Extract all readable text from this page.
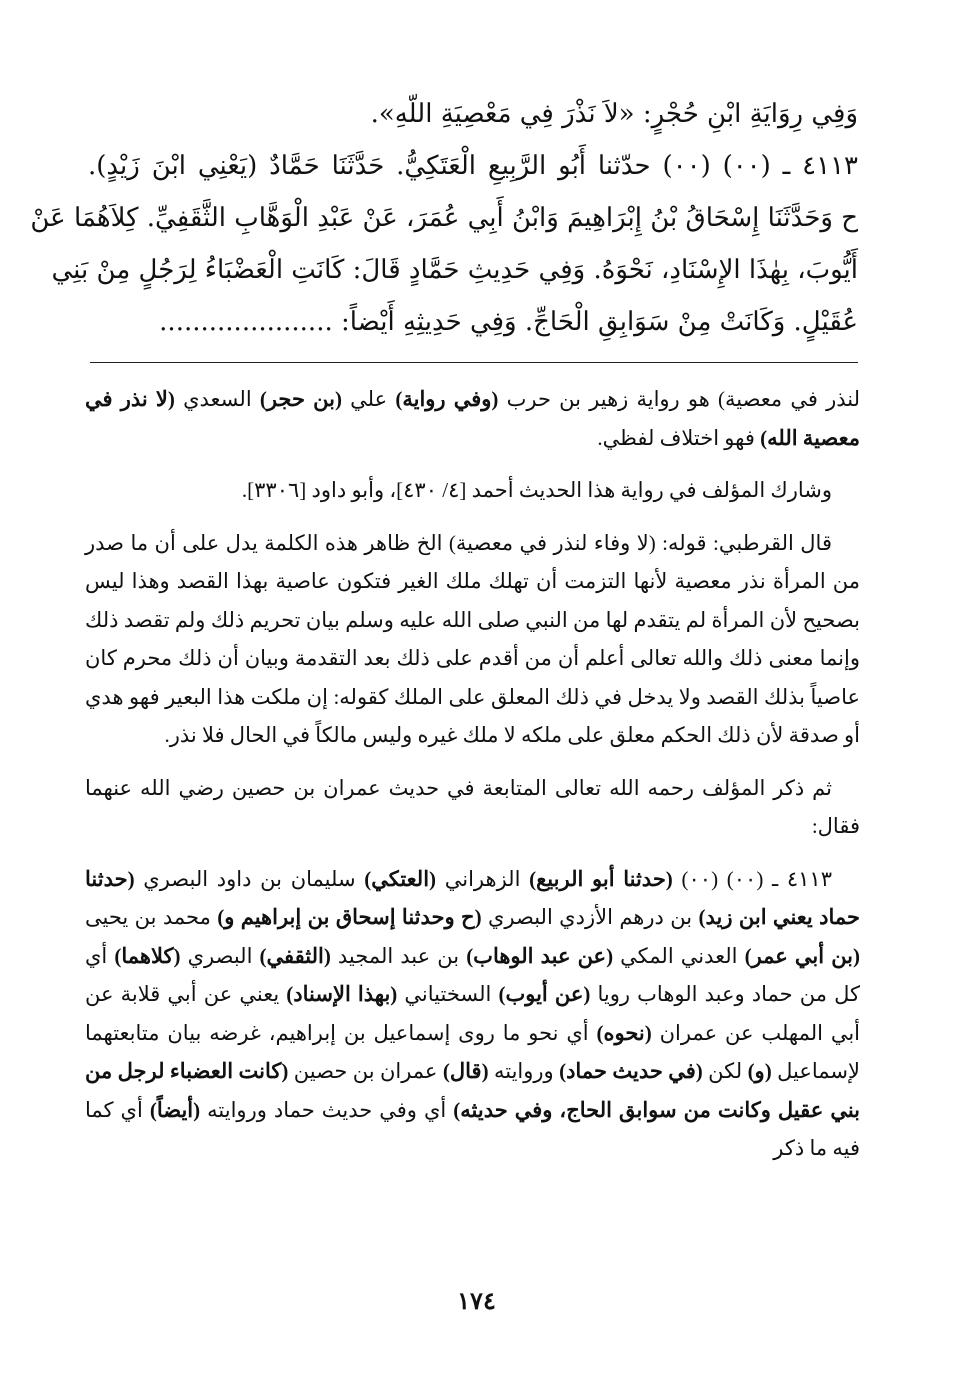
وَفِي رِوَايَةِ ابْنِ حُجْرٍ: «لاَ نَذْرَ فِي مَعْصِيَةِ اللّهِ».
٤١١٣ ـ (٠٠) (٠٠) حدّثنا أَبُو الرَّبِيعِ الْعَتَكِيُّ. حَدَّثَنَا حَمَّادٌ (يَعْنِي ابْنَ زَيْدٍ).
ح وَحَدَّثَنَا إِسْحَاقُ بْنُ إِبْرَاهِيمَ وَابْنُ أَبِي عُمَرَ، عَنْ عَبْدِ الْوَهَّابِ الثَّقَفِيِّ. كِلاَهُمَا عَنْ
أَيُّوبَ، بِهٰذَا الإِسْنَادِ، نَحْوَهُ. وَفِي حَدِيثِ حَمَّادٍ قَالَ: كَانَتِ الْعَضْبَاءُ لِرَجُلٍ مِنْ بَنِي
عُقَيْلٍ. وَكَانَتْ مِنْ سَوَابِقِ الْحَاجِّ. وَفِي حَدِيثِهِ أَيْضاً: .....................

لنذر في معصية) هو رواية زهير بن حرب (وفي رواية) علي (بن حجر) السعدي (لا نذر في معصية الله) فهو اختلاف لفظي.

وشارك المؤلف في رواية هذا الحديث أحمد [٤/ ٤٣٠]، وأبو داود [٣٣٠٦].

قال القرطبي: قوله: (لا وفاء لنذر في معصية) الخ ظاهر هذه الكلمة يدل على أن ما صدر من المرأة نذر معصية لأنها التزمت أن تهلك ملك الغير فتكون عاصية بهذا القصد وهذا ليس بصحيح لأن المرأة لم يتقدم لها من النبي صلى الله عليه وسلم بيان تحريم ذلك ولم تقصد ذلك وإنما معنى ذلك والله تعالى أعلم أن من أقدم على ذلك بعد التقدمة وبيان أن ذلك محرم كان عاصياً بذلك القصد ولا يدخل في ذلك المعلق على الملك كقوله: إن ملكت هذا البعير فهو هدي أو صدقة لأن ذلك الحكم معلق على ملكه لا ملك غيره وليس مالكاً في الحال فلا نذر.

ثم ذكر المؤلف رحمه الله تعالى المتابعة في حديث عمران بن حصين رضي الله عنهما فقال:

٤١١٣ ـ (٠٠) (٠٠) (حدثنا أبو الربيع) الزهراني (العتكي) سليمان بن داود البصري (حدثنا حماد يعني ابن زيد) بن درهم الأزدي البصري (ح وحدثنا إسحاق بن إبراهيم و) محمد بن يحيى (بن أبي عمر) العدني المكي (عن عبد الوهاب) بن عبد المجيد (الثقفي) البصري (كلاهما) أي كل من حماد وعبد الوهاب رويا (عن أيوب) السختياني (بهذا الإسناد) يعني عن أبي قلابة عن أبي المهلب عن عمران (نحوه) أي نحو ما روى إسماعيل بن إبراهيم، غرضه بيان متابعتهما لإسماعيل (و) لكن (في حديث حماد) وروايته (قال) عمران بن حصين (كانت العضباء لرجل من بني عقيل وكانت من سوابق الحاج، وفي حديثه) أي وفي حديث حماد وروايته (أيضاً) أي كما فيه ما ذكر

١٧٤
